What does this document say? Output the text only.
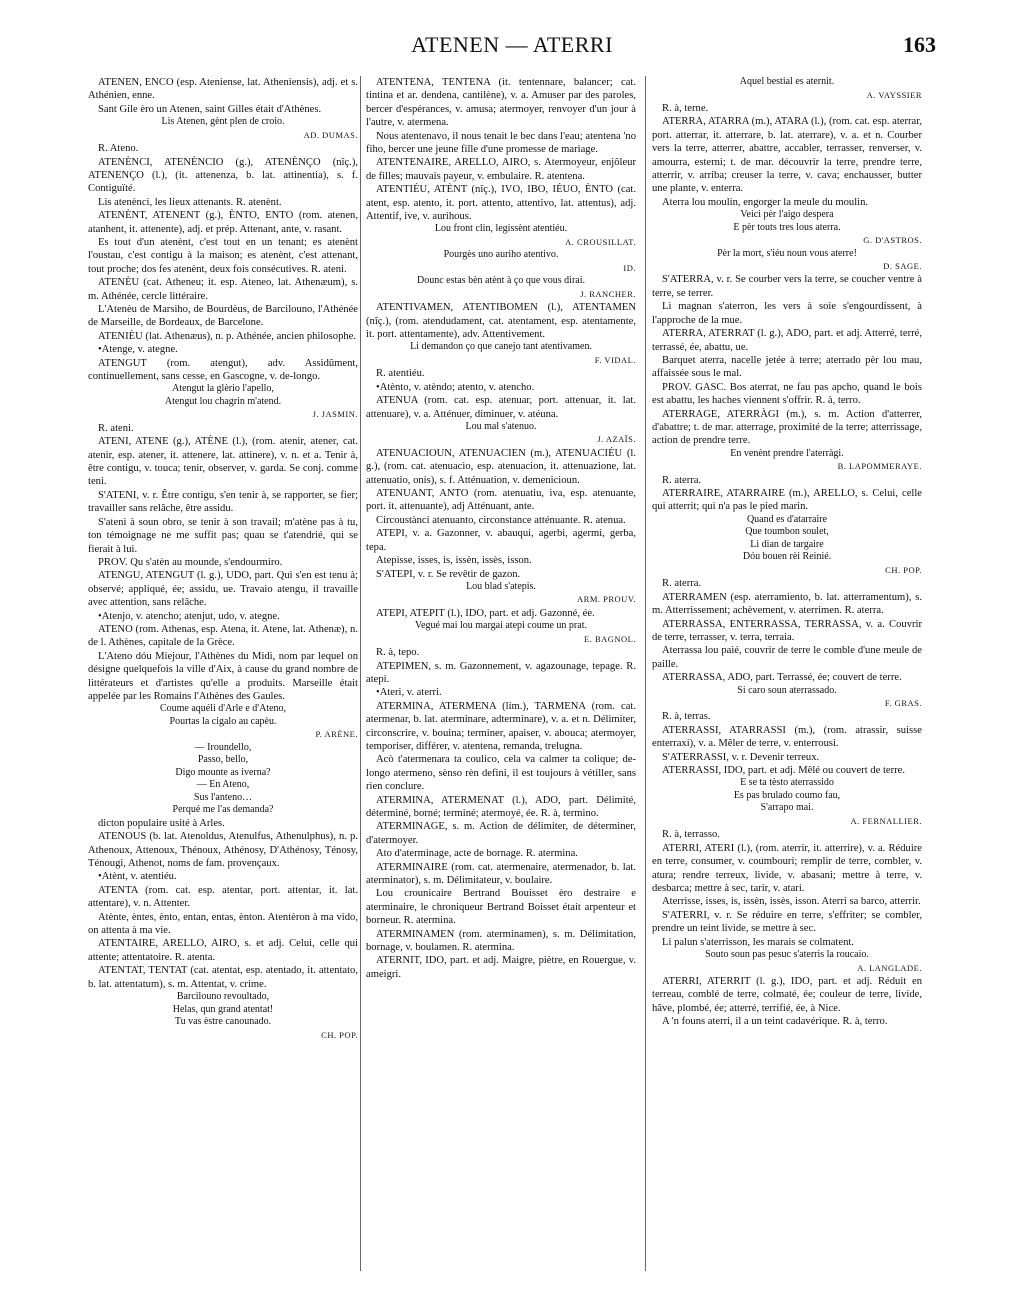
ATENEN — ATERRI	163

ATENEN, ENCO (esp. Ateniense, lat. Atheniensis), adj. et s. Athénien, enne.

Sant Gile èro un Atenen, saint Gilles était d'Athènes.

Lis Atenen, gènt plen de croio.

AD. DUMAS.

R. Ateno.

ATENÈNCI, ATENÈNCIO (g.), ATENÈNÇO (nîç.), ATENENÇO (l.), (it. attenenza, b. lat. attinentia), s. f. Contiguïté.

Lis atenènci, les lieux attenants. R. atenènt.

ATENÈNT, ATENENT (g.), ÈNTO, ENTO (rom. atenen, atanhent, it. attenente), adj. et prép. Attenant, ante, v. rasant.

Es tout d'un atenènt, c'est tout en un tenant; es atenènt l'oustau, c'est contigu à la maison; es atenènt, c'est attenant, tout proche; dos fes atenènt, deux fois consécutives. R. ateni.

ATENÈU (cat. Atheneu; it. esp. Ateneo, lat. Athenæum), s. m. Athénée, cercle littéraire.

L'Atenèu de Marsiho, de Bourdèus, de Barcilouno, l'Athénée de Marseille, de Bordeaux, de Barcelone.

ATENIÈU (lat. Athenæus), n. p. Athénée, ancien philosophe.

•Atenge, v. ategne.

ATENGUT (rom. atengut), adv. Assidûment, continuellement, sans cesse, en Gascogne, v. de-longo.

Atengut la glèrio l'apello,

Atengut lou chagrin m'atend.

J. JASMIN.

R. ateni.

ATENI, ATENE (g.), ATÈNE (l.), (rom. atenir, atener, cat. atenir, esp. atener, it. attenere, lat. attinere), v. n. et a. Tenir à, être contigu, v. touca; tenir, observer, v. garda. Se conj. comme teni.

S'ATENI, v. r. Être contigu, s'en tenir à, se rapporter, se fier; travailler sans relâche, être assidu.

S'ateni à soun obro, se tenir à son travail; m'atène pas à tu, ton témoignage ne me suffit pas; quau se t'atendrié, qui se fierait à lui.

PROV. Qu s'atèn au mounde, s'endourmiro.

ATENGU, ATENGUT (l. g.), UDO, part. Qui s'en est tenu à; observé; appliqué, ée; assidu, ue. Travaio atengu, il travaille avec attention, sans relâche.

•Atenjo, v. atencho; atenjut, udo, v. ategne.

ATENO (rom. Athenas, esp. Atena, it. Atene, lat. Athenæ), n. de l. Athènes, capitale de la Grèce.

L'Ateno dóu Miejour, l'Athènes du Midi, nom par lequel on désigne quelquefois la ville d'Aix, à cause du grand nombre de littérateurs et d'artistes qu'elle a produits. Marseille était appelée par les Romains l'Athènes des Gaules.

Coume aquéli d'Arle e d'Ateno,

Pourtas la cigalo au capèu.

P. ARÈNE.

— Iroundello,

Passo, bello,

Digo mounte as iverna?

— En Ateno,

Sus l'anteno…

Perqué me l'as demanda?

dicton populaire usité à Arles.

ATENOUS (b. lat. Atenoldus, Atenulfus, Athenulphus), n. p. Athenoux, Attenoux, Thénoux, Athénosy, D'Athénosy, Ténosy, Ténougi, Athenot, noms de fam. provençaux.

•Atènt, v. atentiéu.

ATENTA (rom. cat. esp. atentar, port. attentar, it. lat. attentare), v. n. Attenter.

Atènte, èntes, ènto, entan, entas, ènton. Atentèron à ma vido, on attenta à ma vie.

ATENTAIRE, ARELLO, AIRO, s. et adj. Celui, celle qui attente; attentatoire. R. atenta.

ATENTAT, TENTAT (cat. atentat, esp. atentado, it. attentato, b. lat. attentatum), s. m. Attentat, v. crime.

Barcilouno revoultado,

Helas, qun grand atentat!

Tu vas èstre canounado.

CH. POP.

ATENTENA, TENTENA (it. tentennare, balancer; cat. tintina et ar. dendena, cantilène), v. a. Amuser par des paroles, bercer d'espérances, v. amusa; atermoyer, renvoyer d'un jour à l'autre, v. atermena.

Nous atentenavo, il nous tenait le bec dans l'eau; atentena 'no fiho, bercer une jeune fille d'une promesse de mariage.

ATENTENAIRE, ARELLO, AIRO, s. Atermoyeur, enjôleur de filles; mauvais payeur, v. embulaire. R. atentena.

ATENTIÉU, ATÈNT (nîç.), IVO, IBO, IÉUO, ÈNTO (cat. atent, esp. atento, it. port. attento, attentivo, lat. attentus), adj. Attentif, ive, v. aurihous.

Lou front clin, legissènt atentiéu.

A. CROUSILLAT.

Pourgès uno auriho atentivo.

ID.

Dounc estas bèn atènt à ço que vous dirai.

J. RANCHER.

ATENTIVAMEN, ATENTIBOMEN (l.), ATENTAMEN (nîç.), (rom. atendudament, cat. atentament, esp. atentamente, it. port. attentamente), adv. Attentivement.

Li demandon ço que canejo tant atentivamen.

F. VIDAL.

R. atentiéu.

•Atènto, v. atèndo; atento, v. atencho.

ATENUA (rom. cat. esp. atenuar, port. attenuar, it. lat. attenuare), v. a. Atténuer, diminuer, v. atéuna.

Lou mal s'atenuo.

J. AZAÏS.

ATENUACIOUN, ATENUACIEN (m.), ATENUACIÉU (l. g.), (rom. cat. atenuacio, esp. atenuacion, it. attenuazione, lat. attenuatio, onis), s. f. Atténuation, v. demenicioun.

ATENUANT, ANTO (rom. atenuatiu, iva, esp. atenuante, port. it. attenuante), adj Atténuant, ante.

Circoustànci atenuanto, circonstance atténuante. R. atenua.

ATEPI, v. a. Gazonner, v. abauqui, agerbi, agermi, gerba, tepa.

Atepisse, isses, is, issèn, issès, isson.

S'ATEPI, v. r. Se revêtir de gazon.

Lou blad s'atepis.

ARM. PROUV.

ATEPI, ATEPIT (l.), IDO, part. et adj. Gazonné, ée.

Vegué mai lou margai atepi coume un prat.

E. BAGNOL.

R. à, tepo.

ATEPIMEN, s. m. Gazonnement, v. agazounage, tepage. R. atepi.

•Ateri, v. aterri.

ATERMINA, ATERMENA (lim.), TARMENA (rom. cat. atermenar, b. lat. aterminare, adterminare), v. a. et n. Délimiter, circonscrire, v. bouina; terminer, apaiser, v. abouca; atermoyer, temporiser, différer, v. atentena, remanda, trelugna.

Acò t'atermenara ta coulico, cela va calmer ta colique; de-longo atermeno, sènso rèn defini, il est toujours à vétiller, sans rien conclure.

ATERMINA, ATERMENAT (l.), ADO, part. Délimité, déterminé, borné; terminé; atermoyé, ée. R. à, termino.

ATERMINAGE, s. m. Action de délimiter, de déterminer, d'atermoyer.

Ato d'aterminage, acte de bornage. R. atermina.

ATERMINAIRE (rom. cat. atermenaire, atermenador, b. lat. aterminator), s. m. Délimitateur, v. boulaire.

Lou crounicaire Bertrand Bouisset èro destraire e aterminaire, le chroniqueur Bertrand Boisset était arpenteur et borneur. R. atermina.

ATERMINAMEN (rom. aterminamen), s. m. Délimitation, bornage, v. boulamen. R. atermina.

ATERNIT, IDO, part. et adj. Maigre, piètre, en Rouergue, v. ameigri.

Aquel bestial es aternit.

A. VAYSSIER

R. à, terne.

ATERRA, ATARRA (m.), ATARA (l.), (rom. cat. esp. aterrar, port. atterrar, it. atterrare, b. lat. aterrare), v. a. et n. Courber vers la terre, atterrer, abattre, accabler, terrasser, renverser, v. amourra, esterni; t. de mar. découvrir la terre, prendre terre, atterrir, v. arriba; creuser la terre, v. cava; enchausser, butter une plante, v. enterra.

Aterra lou moulin, engorger la meule du moulin.

Veici pèr l'aigo despera

E pèr touts tres lous aterra.

G. D'ASTROS.

Pèr la mort, s'iéu noun vous aterre!

D. SAGE.

S'ATERRA, v. r. Se courber vers la terre, se coucher ventre à terre, se terrer.

Li magnan s'aterron, les vers à soie s'engourdissent, à l'approche de la mue.

ATERRA, ATERRAT (l. g.), ADO, part. et adj. Atterré, terré, terrassé, ée, abattu, ue.

Barquet aterra, nacelle jetée à terre; aterrado pèr lou mau, affaissée sous le mal.

PROV. GASC. Bos aterrat, ne fau pas apcho, quand le bois est abattu, les haches viennent s'offrir. R. à, terro.

ATERRAGE, ATERRÀGI (m.), s. m. Action d'atterrer, d'abattre; t. de mar. atterrage, proximité de la terre; atterrissage, action de prendre terre.

En venènt prendre l'aterràgi.

B. LAPOMMERAYE.

R. aterra.

ATERRAIRE, ATARRAIRE (m.), ARELLO, s. Celui, celle qui atterrit; qui n'a pas le pied marin.

Quand es d'atarraire

Que toumbon soulet,

Li dian de targaire

Dóu bouen rèi Reinié.

CH. POP.

R. aterra.

ATERRAMEN (esp. aterramiento, b. lat. atterramentum), s. m. Atterrissement; achèvement, v. aterrimen. R. aterra.

ATERRASSA, ENTERRASSA, TERRASSA, v. a. Couvrir de terre, terrasser, v. terra, terraia.

Aterrassa lou paié, couvrir de terre le comble d'une meule de paille.

ATERRASSA, ADO, part. Terrassé, ée; couvert de terre.

Si caro soun aterrassado.

F. GRAS.

R. à, terras.

ATERRASSI, ATARRASSI (m.), (rom. atrassir, suisse enterraxi), v. a. Mêler de terre, v. enterrousi.

S'ATERRASSI, v. r. Devenir terreux.

ATERRASSI, IDO, part. et adj. Mêlé ou couvert de terre.

E se ta tèsto aterrassido

Es pas brulado coumo fau,

S'arrapo mai.

A. FERNALLIER.

R. à, terrasso.

ATERRI, ATERI (l.), (rom. aterrir, it. atterrire), v. a. Réduire en terre, consumer, v. coumbouri; remplir de terre, combler, v. atura; rendre terreux, livide, v. abasani; mettre à terre, v. desbarca; mettre à sec, tarir, v. atari.

Aterrisse, isses, is, issèn, issès, isson. Aterri sa barco, atterrir.

S'ATERRI, v. r. Se réduire en terre, s'effriter; se combler, prendre un teint livide, se mettre à sec.

Li palun s'aterrisson, les marais se colmatent.

Souto soun pas pesuc s'aterris la roucaio.

A. LANGLADE.

ATERRI, ATERRIT (l. g.), IDO, part. et adj. Réduit en terreau, comblé de terre, colmaté, ée; couleur de terre, livide, hâve, plombé, ée; atterré, terrifié, ée, à Nice.

A 'n founs aterri, il a un teint cadavérique. R. à, terro.
